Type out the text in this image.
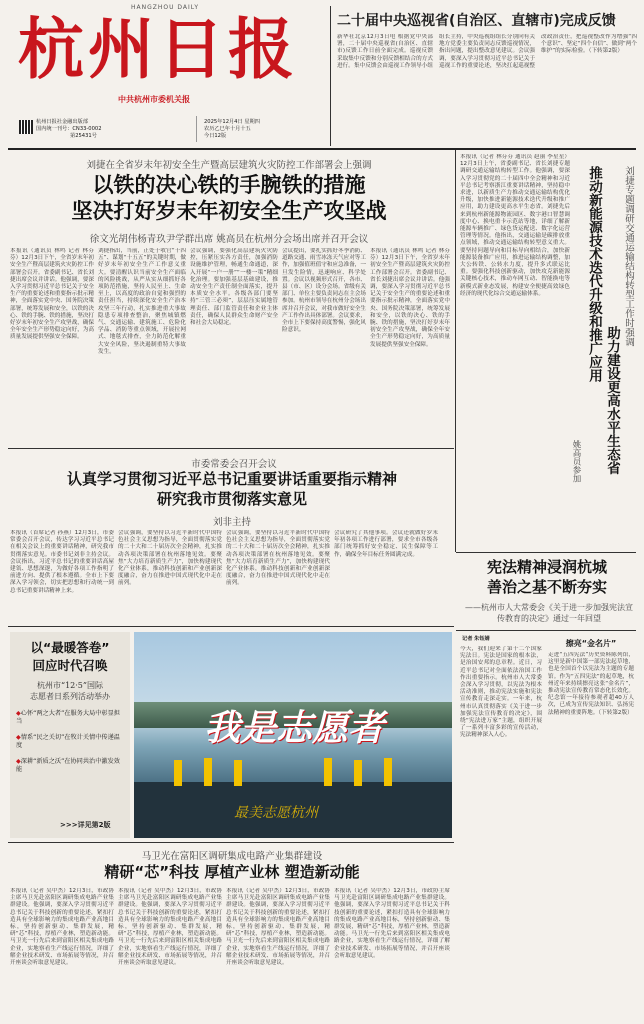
HANGZHOU DAILY
杭州日报
中共杭州市委机关报
杭州日报社金融出版部
国内统一刊号：CN33-0002
第25431号
2025年12月4日 星期四
农历乙巳年十月十五
今日12版
二十届中央巡视省(自治区、直辖市)完成反馈
新华社北京12月3日电 根据党中央部署，二十届中央巡视省(自治区、直辖市)反馈工作日前全面完成。巡视反馈采取集中反馈和分别反馈相结合的方式进行。集中反馈会由巡视工作领导小组组长主持，中央巡视组组长分别向有关地方党委主要负责同志反馈巡视情况，指出问题，提出整改意见建议。会议强调，要深入学习贯彻习近平总书记关于巡视工作的重要论述，坚决扛起巡视整改政治责任，把巡视整改作为增强“四个意识”、坚定“四个自信”、做到“两个维护”的实际检验。（下转第2版）
刘捷在全省岁末年初安全生产暨高层建筑火灾防控工作部署会上强调
以铁的决心铁的手腕铁的措施
坚决打好岁末年初安全生产攻坚战
徐文光胡伟杨青玖尹学群出席 姚高员在杭州分会场出席并召开会议
本报讯（通讯员 林鸣 记者 林芬芬）12月3日下午，全省岁末年初安全生产暨高层建筑火灾防控工作部署会召开。省委副书记、省长刘捷出席会议并讲话。他强调，要深入学习贯彻习近平总书记关于安全生产的重要论述和重要指示批示精神，全面落实党中央、国务院决策部署，统筹发展和安全，以铁的决心、铁的手腕、铁的措施，坚决打好岁末年初安全生产攻坚战，确保全年安全生产形势稳定向好，为高质量发展提供坚强安全保障。
刘捷指出，当前，正处于收官“十四五”、谋划“十五五”的关键时期，做好岁末年初安全生产工作意义重大。要清醒认识当前安全生产面临的风险挑战，从严从实从细抓好各项防范措施，坚持人民至上、生命至上，以高度的政治自觉和强烈的责任担当，持续深化安全生产治本攻坚三年行动，扎实推进重大事故隐患专项排查整治，聚焦城镇燃气、交通运输、建筑施工、危险化学品、消防等重点领域，开展拉网式、地毯式排查，全力防范化解重大安全风险，坚决遏制重特大事故发生。
会议强调，要强化高层建筑火灾防控，压紧压实各方责任，加强消防设施维护管理，畅通生命通道，深入开展“一户一册”“一楼一策”精细化治理。要加强基层基础建设，推动安全生产责任制全面落实，提升本质安全水平。各级各部门要坚持“三管三必须”，层层压实属地管理责任、部门监管责任和企业主体责任，确保人民群众生命财产安全和社会大局稳定。
会议提出，要扎实抓好冬季消防、道路交通、雨雪冰冻天气应对等工作，加强值班值守和应急准备，一旦发生险情，迅速响应、科学处置。会议以视频形式召开，各市、县（市、区）设分会场。省级有关部门、单位主要负责同志在主会场参加。杭州市领导在杭州分会场出席并召开会议，对我市做好安全生产工作作出具体部署。会议要求，全市上下要保持高度警惕，强化风险意识。
本报讯（通讯员 林鸣 记者 林芬芬）12月3日下午，全省岁末年初安全生产暨高层建筑火灾防控工作部署会召开。省委副书记、省长刘捷出席会议并讲话。他强调，要深入学习贯彻习近平总书记关于安全生产的重要论述和重要指示批示精神，全面落实党中央、国务院决策部署，统筹发展和安全，以铁的决心、铁的手腕、铁的措施，坚决打好岁末年初安全生产攻坚战，确保全年安全生产形势稳定向好，为高质量发展提供坚强安全保障。
本报讯（记者 林芬芬 通讯员 赵丽 李星星）12月3日上午，省委副书记、省长刘捷专题调研交通运输结构转型工作。他强调，要深入学习贯彻党的二十届四中全会精神和习近平总书记考察浙江重要讲话精神，坚持稳中求进，以新质生产力推动交通运输结构优化升级，加快推进新能源技术迭代升级和推广应用，助力建设更高水平生态省。刘捷先后来到杭州新能源物流园区、数字港口智慧调度中心、换电重卡示范站等地，详细了解新能源车辆推广、绿色货运配送、数字化运营管理等情况。他指出，交通运输是碳排放重点领域，推动交通运输结构转型意义重大。要坚持问题导向和目标导向相结合，加快新能源装备推广应用，推进运输结构调整，加大公转铁、公转水力度，提升多式联运比重。要强化科技创新驱动，加快攻克新能源关键核心技术，推动车网互动、智能换电等新模式新业态发展，构建安全便捷高效绿色经济的现代化综合交通运输体系。	推动新能源技术迭代升级和推广应用
助力建设更高水平生态省
刘捷专题调研交通运输结构转型工作时强调
姚高员参加
市委常委会召开会议
认真学习贯彻习近平总书记重要讲话重要指示精神
研究我市贯彻落实意见
刘非主持
本报讯（首席记者 孙燕）12月3日，市委常委会召开会议，传达学习习近平总书记在相关会议上的重要讲话精神，研究我市贯彻落实意见。市委书记刘非主持会议。会议指出，习近平总书记的重要讲话高屋建瓴、思想深邃，为做好各项工作指明了前进方向、提供了根本遵循。全市上下要深入学习领会，切实把思想和行动统一到总书记重要讲话精神上来。
会议强调，要坚持以习近平新时代中国特色社会主义思想为指导，全面贯彻落实党的二十大和二十届历次全会精神，扎实推动各项决策部署在杭州落地见效。要聚焦“大力培育新质生产力”，加快构建现代化产业体系，推动科技创新和产业创新深度融合，奋力在推进中国式现代化中走在前列。
会议强调，要坚持以习近平新时代中国特色社会主义思想为指导，全面贯彻落实党的二十大和二十届历次全会精神，扎实推动各项决策部署在杭州落地见效。要聚焦“大力培育新质生产力”，加快构建现代化产业体系，推动科技创新和产业创新深度融合，奋力在推进中国式现代化中走在前列。
会议研究了其他事项。会议还就做好岁末年初各项工作进行部署，要求全市各级各部门统筹抓好安全稳定、民生保障等工作，确保全年目标任务圆满完成。
宪法精神浸润杭城
善治之基不断夯实
——杭州市人大常委会《关于进一步加强宪法宣传教育的决定》通过一年回望
记者 朱钰婧
今天，我们迎来了第十二个国家宪法日。宪法是国家的根本法，是治国安邦的总章程。近日，习近平总书记对全面依法治国工作作出重要指示。杭州市人大常委会深入学习贯彻，以宪法为根本活动准则，推动宪法实施和宪法宣传教育走深走实。一年来，杭州市认真贯彻落实《关于进一步加强宪法宣传教育的决定》，围绕“宪法进万家”主题，组织开展了一系列丰富多彩的宣传活动，宪法精神深入人心。
擦亮“金名片”
走进“五四宪法”历史资料陈列馆，这里是新中国第一部宪法起草地，也是全国首个以宪法为主题的专题馆。作为“五四宪法”的起草地，杭州近年来持续擦亮这张“金名片”，推动宪法宣传教育常态化长效化。纪念馆一年接待参观者超40万人次，已成为宣传宪法知识、弘扬宪法精神的重要阵地。（下转第2版）
以“最暖答卷”
回应时代召唤
杭州市“12·5”国际
志愿者日系列活动举办
◆心怀“两之大者”在服务大局中彰显担当
◆情系“民之关切”在牧计关情中传递温度
◆深耕“新质之沃”在协同共治中激发效能
>>>详见第2版
我是志愿者
最美志愿杭州
马卫光在富阳区调研集成电路产业集群建设
精研“芯”科技 厚植产业林 塑造新动能
本报讯（记者 吴中杰）12月3日，市政协主席马卫光赴富阳区调研集成电路产业集群建设。他强调，要深入学习贯彻习近平总书记关于科技创新的重要论述，紧扣打造具有全球影响力的集成电路产业高地目标，坚持创新驱动、集群发展，精研“芯”科技，厚植产业林，塑造新动能。马卫光一行先后来到富阳区相关集成电路企业，实地察看生产线运行情况，详细了解企业技术研发、市场拓展等情况，并召开座谈会听取意见建议。
本报讯（记者 吴中杰）12月3日，市政协主席马卫光赴富阳区调研集成电路产业集群建设。他强调，要深入学习贯彻习近平总书记关于科技创新的重要论述，紧扣打造具有全球影响力的集成电路产业高地目标，坚持创新驱动、集群发展，精研“芯”科技，厚植产业林，塑造新动能。马卫光一行先后来到富阳区相关集成电路企业，实地察看生产线运行情况，详细了解企业技术研发、市场拓展等情况，并召开座谈会听取意见建议。
本报讯（记者 吴中杰）12月3日，市政协主席马卫光赴富阳区调研集成电路产业集群建设。他强调，要深入学习贯彻习近平总书记关于科技创新的重要论述，紧扣打造具有全球影响力的集成电路产业高地目标，坚持创新驱动、集群发展，精研“芯”科技，厚植产业林，塑造新动能。马卫光一行先后来到富阳区相关集成电路企业，实地察看生产线运行情况，详细了解企业技术研发、市场拓展等情况，并召开座谈会听取意见建议。
本报讯（记者 吴中杰）12月3日，市政协主席马卫光赴富阳区调研集成电路产业集群建设。他强调，要深入学习贯彻习近平总书记关于科技创新的重要论述，紧扣打造具有全球影响力的集成电路产业高地目标，坚持创新驱动、集群发展，精研“芯”科技，厚植产业林，塑造新动能。马卫光一行先后来到富阳区相关集成电路企业，实地察看生产线运行情况，详细了解企业技术研发、市场拓展等情况，并召开座谈会听取意见建议。
